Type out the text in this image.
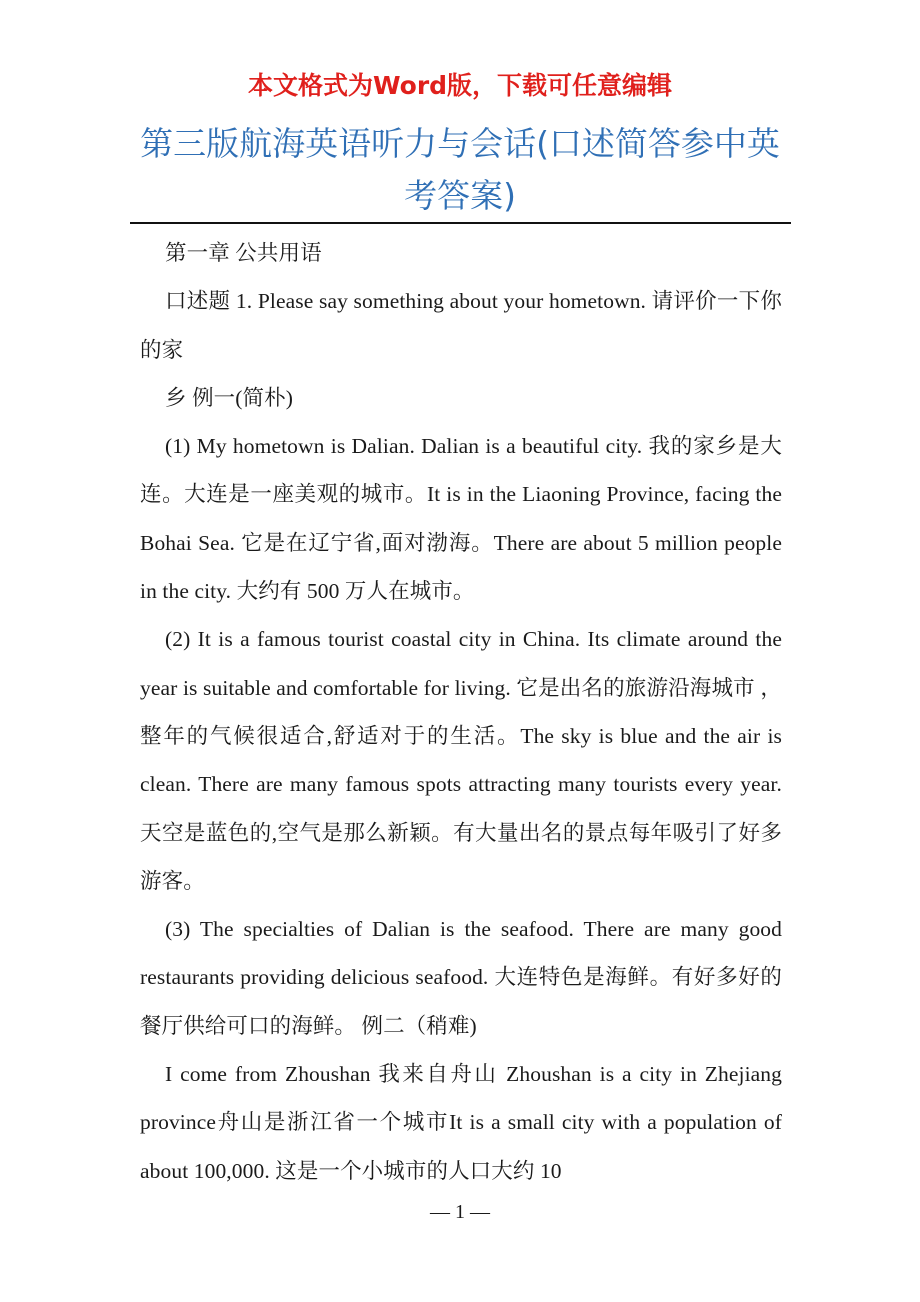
本文格式为Word版，下载可任意编辑
第三版航海英语听力与会话(口述简答参中英考答案)

第一章 公共用语

口述题 1. Please say something about your hometown. 请评价一下你的家

乡 例一(简朴)

(1) My hometown is Dalian. Dalian is a beautiful city. 我的家乡是大连。大连是一座美观的城市。It is in the Liaoning Province, facing the Bohai Sea. 它是在辽宁省,面对渤海。There are about 5 million people in the city. 大约有 500 万人在城市。

(2) It is a famous tourist coastal city in China. Its climate around the year is suitable and comfortable for living. 它是出名的旅游沿海城市 ，整年的气候很适合,舒适对于的生活。The sky is blue and the air is clean. There are many famous spots attracting many tourists every year. 天空是蓝色的,空气是那么新颖。有大量出名的景点每年吸引了好多游客。

(3) The specialties of Dalian is the seafood. There are many good restaurants providing delicious seafood. 大连特色是海鲜。有好多好的餐厅供给可口的海鲜。 例二（稍难)

I come from Zhoushan 我来自舟山 Zhoushan is a city in Zhejiang province舟山是浙江省一个城市It is a small city with a population of about 100,000. 这是一个小城市的人口大约 10

— 1 —
